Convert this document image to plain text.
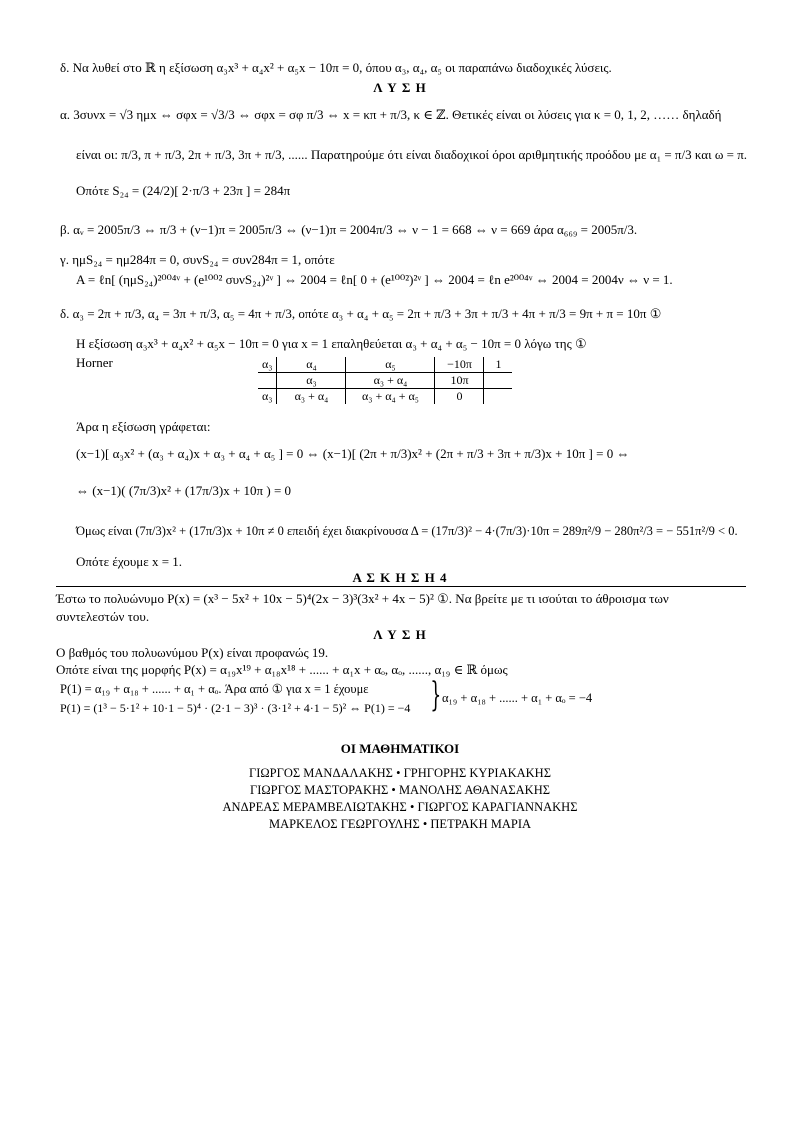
δ. Να λυθεί στο ℝ η εξίσωση α₃x³ + α₄x² + α₅x − 10π = 0, όπου α₃, α₄, α₅ οι παραπάνω διαδοχικές λύσεις.
Λ Υ Σ Η
α. 3συνx = √3 ημx ⇔ σφx = √3/3 ⇔ σφx = σφ π/3 ⇔ x = κπ + π/3, κ ∈ ℤ. Θετικές είναι οι λύσεις για κ = 0, 1, 2, …… δηλαδή
είναι οι: π/3, π + π/3, 2π + π/3, 3π + π/3, ...... Παρατηρούμε ότι είναι διαδοχικοί όροι αριθμητικής προόδου με α₁ = π/3 και ω = π.
Οπότε S₂₄ = (24/2)[ 2·π/3 + 23π ] = 284π
β. αᵥ = 2005π/3 ⇔ π/3 + (ν−1)π = 2005π/3 ⇔ (ν−1)π = 2004π/3 ⇔ ν − 1 = 668 ⇔ ν = 669 άρα α₆₆₉ = 2005π/3.
γ. ημS₂₄ = ημ284π = 0, συνS₂₄ = συν284π = 1, οπότε
A = ℓn[ (ημS₂₄)²⁰⁰⁴ᵛ + (e¹⁰⁰² συνS₂₄)²ᵛ ] ⇔ 2004 = ℓn[ 0 + (e¹⁰⁰²)²ᵛ ] ⇔ 2004 = ℓn e²⁰⁰⁴ᵛ ⇔ 2004 = 2004ν ⇔ ν = 1.
δ. α₃ = 2π + π/3, α₄ = 3π + π/3, α₅ = 4π + π/3, οπότε α₃ + α₄ + α₅ = 2π + π/3 + 3π + π/3 + 4π + π/3 = 9π + π = 10π ①
Η εξίσωση α₃x³ + α₄x² + α₅x − 10π = 0 για x = 1 επαληθεύεται α₃ + α₄ + α₅ − 10π = 0 λόγω της ①
Horner	α₃	α₄	α₅	−10π	1
	α₃	α₃ + α₄	10π	
α₃	α₃ + α₄	α₃ + α₄ + α₅	0	
Άρα η εξίσωση γράφεται:
(x−1)[ α₃x² + (α₃ + α₄)x + α₃ + α₄ + α₅ ] = 0 ⇔ (x−1)[ (2π + π/3)x² + (2π + π/3 + 3π + π/3)x + 10π ] = 0 ⇔
⇔ (x−1)( (7π/3)x² + (17π/3)x + 10π ) = 0
Όμως είναι (7π/3)x² + (17π/3)x + 10π ≠ 0 επειδή έχει διακρίνουσα Δ = (17π/3)² − 4·(7π/3)·10π = 289π²/9 − 280π²/3 = − 551π²/9 < 0.
Οπότε έχουμε x = 1.
Α Σ Κ Η Σ Η 4
Έστω το πολυώνυμο P(x) = (x³ − 5x² + 10x − 5)⁴(2x − 3)³(3x² + 4x − 5)² ①. Να βρείτε με τι ισούται το άθροισμα των
συντελεστών του.
Λ Υ Σ Η
Ο βαθμός του πολυωνύμου P(x) είναι προφανώς 19.
Οπότε είναι της μορφής P(x) = α₁₉x¹⁹ + α₁₈x¹⁸ + ...... + α₁x + αₒ, αₒ, ......, α₁₉ ∈ ℝ όμως
P(1) = α₁₉ + α₁₈ + ...... + α₁ + αₒ. Άρα από ① για x = 1 έχουμε
P(1) = (1³ − 5·1² + 10·1 − 5)⁴ · (2·1 − 3)³ · (3·1² + 4·1 − 5)² ⇔ P(1) = −4 } α₁₉ + α₁₈ + ...... + α₁ + αₒ = −4
ΟΙ ΜΑΘΗΜΑΤΙΚΟΙ
ΓΙΩΡΓΟΣ ΜΑΝΔΑΛΑΚΗΣ • ΓΡΗΓΟΡΗΣ ΚΥΡΙΑΚΑΚΗΣ
ΓΙΩΡΓΟΣ ΜΑΣΤΟΡΑΚΗΣ • ΜΑΝΟΛΗΣ ΑΘΑΝΑΣΑΚΗΣ
ΑΝΔΡΕΑΣ ΜΕΡΑΜΒΕΛΙΩΤΑΚΗΣ • ΓΙΩΡΓΟΣ ΚΑΡΑΓΙΑΝΝΑΚΗΣ
ΜΑΡΚΕΛΟΣ ΓΕΩΡΓΟΥΛΗΣ • ΠΕΤΡΑΚΗ ΜΑΡΙΑ
